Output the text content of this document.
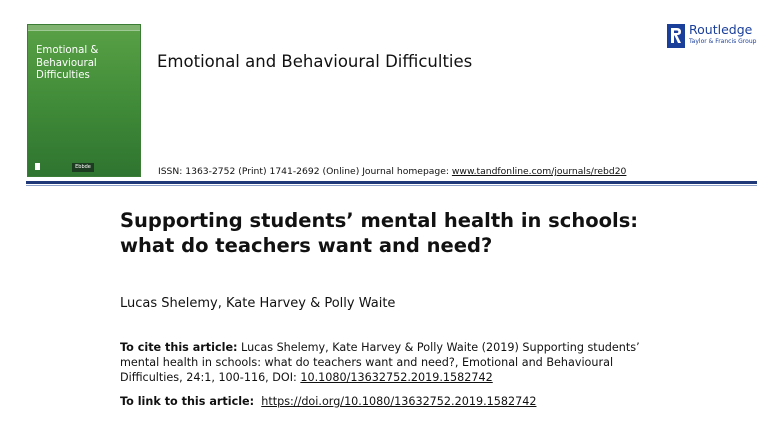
Emotional &
Behavioural
Difficulties
Ebbde
Emotional and Behavioural Difficulties
Routledge
Taylor & Francis Group
ISSN: 1363-2752 (Print) 1741-2692 (Online) Journal homepage: www.tandfonline.com/journals/rebd20
Supporting students’ mental health in schools: what do teachers want and need?
Lucas Shelemy, Kate Harvey & Polly Waite
To cite this article: Lucas Shelemy, Kate Harvey & Polly Waite (2019) Supporting students’ mental health in schools: what do teachers want and need?, Emotional and Behavioural Difficulties, 24:1, 100-116, DOI: 10.1080/13632752.2019.1582742
To link to this article: https://doi.org/10.1080/13632752.2019.1582742
